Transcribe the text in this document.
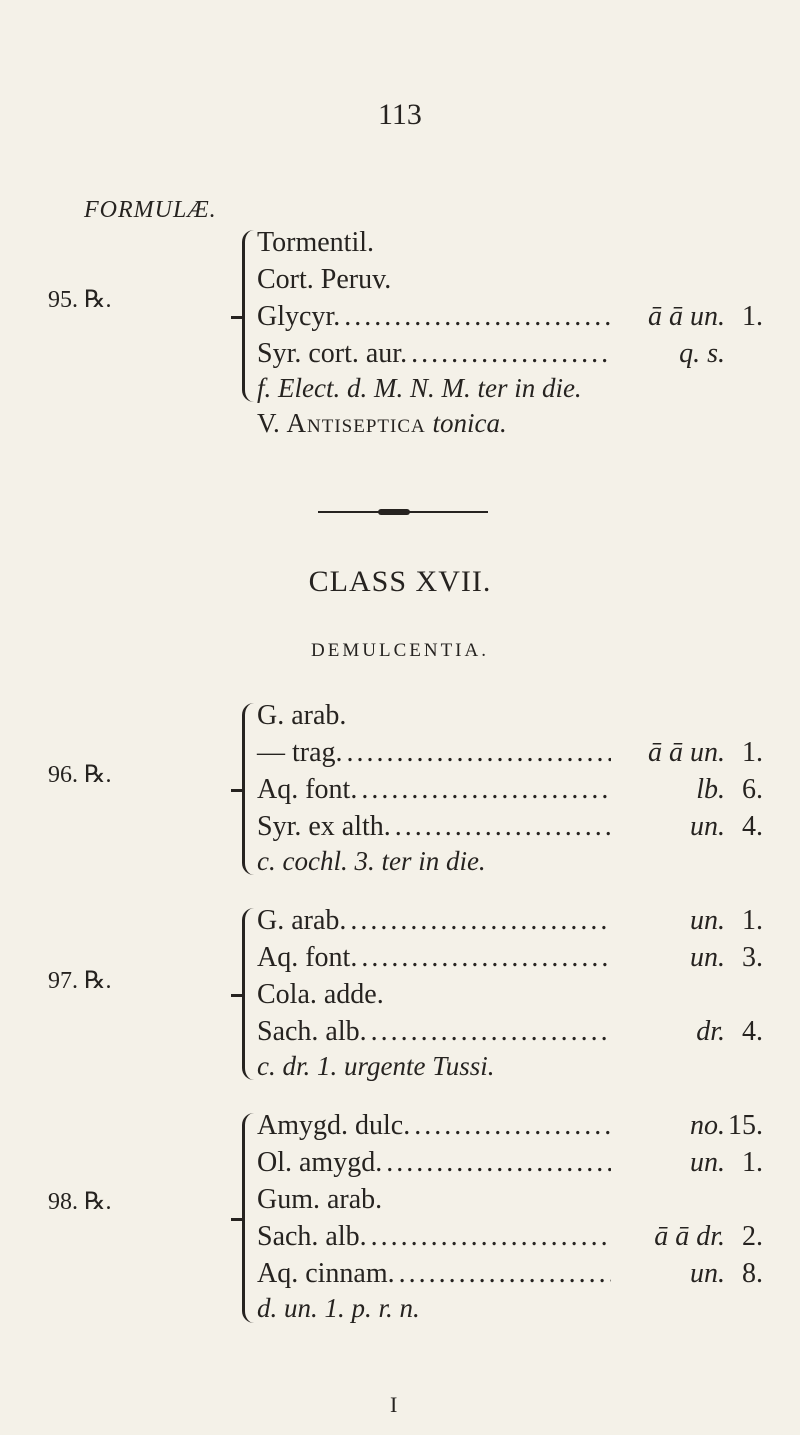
113
FORMULÆ.
95. ℞.
Tormentil.
Cort. Peruv.
Glycyr. .....	ā ā un. 1.
Syr. cort. aur. .....	q. s.
f. Elect. d. M. N. M. ter in die.
V. Antiseptica tonica.
CLASS XVII.
DEMULCENTIA.
96. ℞.
G. arab.
— trag. .....	ā ā un. 1.
Aq. font. .....	lb. 6.
Syr. ex alth. .....	un. 4.
c. cochl. 3. ter in die.
97. ℞.
G. arab. .....	un. 1.
Aq. font. .....	un. 3.
Cola. adde.
Sach. alb. .....	dr. 4.
c. dr. 1. urgente Tussi.
98. ℞.
Amygd. dulc. .....	no. 15.
Ol. amygd. .....	un. 1.
Gum. arab.
Sach. alb. .....	ā ā dr. 2.
Aq. cinnam. .....	un. 8.
d. un. 1. p. r. n.
I
